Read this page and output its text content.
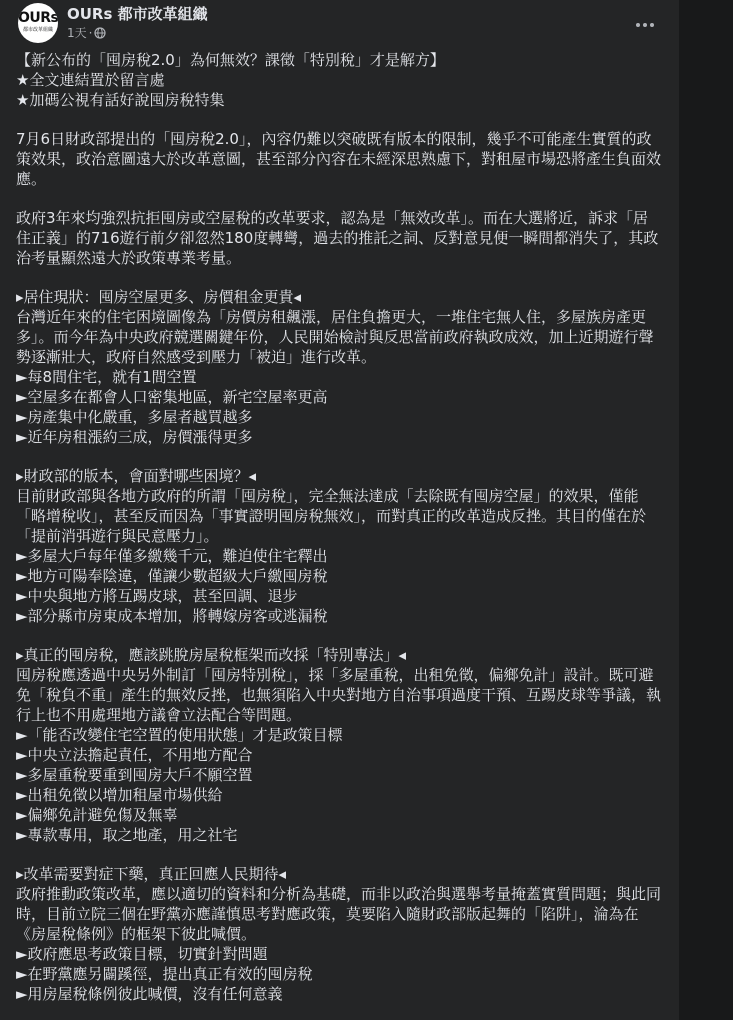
OURs
都市改革組織
OURs 都市改革組織
1天 ·
【新公布的「囤房稅2.0」為何無效？課徵「特別稅」才是解方】
★全文連結置於留言處
★加碼公視有話好說囤房稅特集
7月6日財政部提出的「囤房稅2.0」，內容仍難以突破既有版本的限制，幾乎不可能產生實質的政
策效果，政治意圖遠大於改革意圖，甚至部分內容在未經深思熟慮下，對租屋市場恐將產生負面效
應。
政府3年來均強烈抗拒囤房或空屋稅的改革要求，認為是「無效改革」。而在大選將近，訴求「居
住正義」的716遊行前夕卻忽然180度轉彎，過去的推託之詞、反對意見便一瞬間都消失了，其政
治考量顯然遠大於政策專業考量。
▸居住現狀：囤房空屋更多、房價租金更貴◂
台灣近年來的住宅困境圖像為「房價房租飆漲，居住負擔更大，一堆住宅無人住，多屋族房產更
多」。而今年為中央政府競選關鍵年份，人民開始檢討與反思當前政府執政成效，加上近期遊行聲
勢逐漸壯大，政府自然感受到壓力「被迫」進行改革。
►每8間住宅，就有1間空置
►空屋多在都會人口密集地區，新宅空屋率更高
►房產集中化嚴重，多屋者越買越多
►近年房租漲約三成，房價漲得更多
▸財政部的版本，會面對哪些困境？◂
目前財政部與各地方政府的所謂「囤房稅」，完全無法達成「去除既有囤房空屋」的效果，僅能
「略增稅收」，甚至反而因為「事實證明囤房稅無效」，而對真正的改革造成反挫。其目的僅在於
「提前消弭遊行與民意壓力」。
►多屋大戶每年僅多繳幾千元，難迫使住宅釋出
►地方可陽奉陰違，僅讓少數超級大戶繳囤房稅
►中央與地方將互踢皮球，甚至回調、退步
►部分縣市房東成本增加，將轉嫁房客或逃漏稅
▸真正的囤房稅，應該跳脫房屋稅框架而改採「特別專法」◂
囤房稅應透過中央另外制訂「囤房特別稅」，採「多屋重稅，出租免徵，偏鄉免計」設計。既可避
免「稅負不重」產生的無效反挫，也無須陷入中央對地方自治事項過度干預、互踢皮球等爭議，執
行上也不用處理地方議會立法配合等問題。
►「能否改變住宅空置的使用狀態」才是政策目標
►中央立法擔起責任，不用地方配合
►多屋重稅要重到囤房大戶不願空置
►出租免徵以增加租屋市場供給
►偏鄉免計避免傷及無辜
►專款專用，取之地產，用之社宅
▸改革需要對症下藥，真正回應人民期待◂
政府推動政策改革，應以適切的資料和分析為基礎，而非以政治與選舉考量掩蓋實質問題；與此同
時，目前立院三個在野黨亦應謹慎思考對應政策，莫要陷入隨財政部版起舞的「陷阱」，淪為在
《房屋稅條例》的框架下彼此喊價。
►政府應思考政策目標，切實針對問題
►在野黨應另闢蹊徑，提出真正有效的囤房稅
►用房屋稅條例彼此喊價，沒有任何意義
